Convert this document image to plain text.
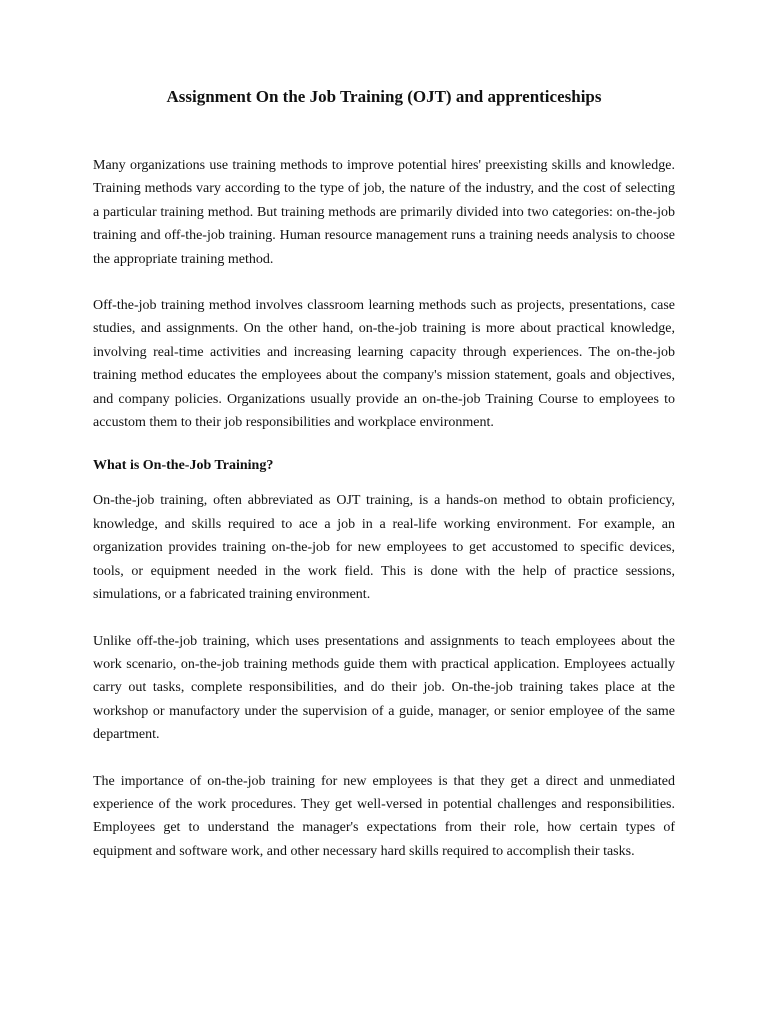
Assignment On the Job Training (OJT) and apprenticeships

Many organizations use training methods to improve potential hires' preexisting skills and knowledge. Training methods vary according to the type of job, the nature of the industry, and the cost of selecting a particular training method. But training methods are primarily divided into two categories: on-the-job training and off-the-job training. Human resource management runs a training needs analysis to choose the appropriate training method.

Off-the-job training method involves classroom learning methods such as projects, presentations, case studies, and assignments. On the other hand, on-the-job training is more about practical knowledge, involving real-time activities and increasing learning capacity through experiences. The on-the-job training method educates the employees about the company's mission statement, goals and objectives, and company policies. Organizations usually provide an on-the-job Training Course to employees to accustom them to their job responsibilities and workplace environment.

What is On-the-Job Training?

On-the-job training, often abbreviated as OJT training, is a hands-on method to obtain proficiency, knowledge, and skills required to ace a job in a real-life working environment. For example, an organization provides training on-the-job for new employees to get accustomed to specific devices, tools, or equipment needed in the work field. This is done with the help of practice sessions, simulations, or a fabricated training environment.

Unlike off-the-job training, which uses presentations and assignments to teach employees about the work scenario, on-the-job training methods guide them with practical application. Employees actually carry out tasks, complete responsibilities, and do their job. On-the-job training takes place at the workshop or manufactory under the supervision of a guide, manager, or senior employee of the same department.

The importance of on-the-job training for new employees is that they get a direct and unmediated experience of the work procedures. They get well-versed in potential challenges and responsibilities. Employees get to understand the manager's expectations from their role, how certain types of equipment and software work, and other necessary hard skills required to accomplish their tasks.
